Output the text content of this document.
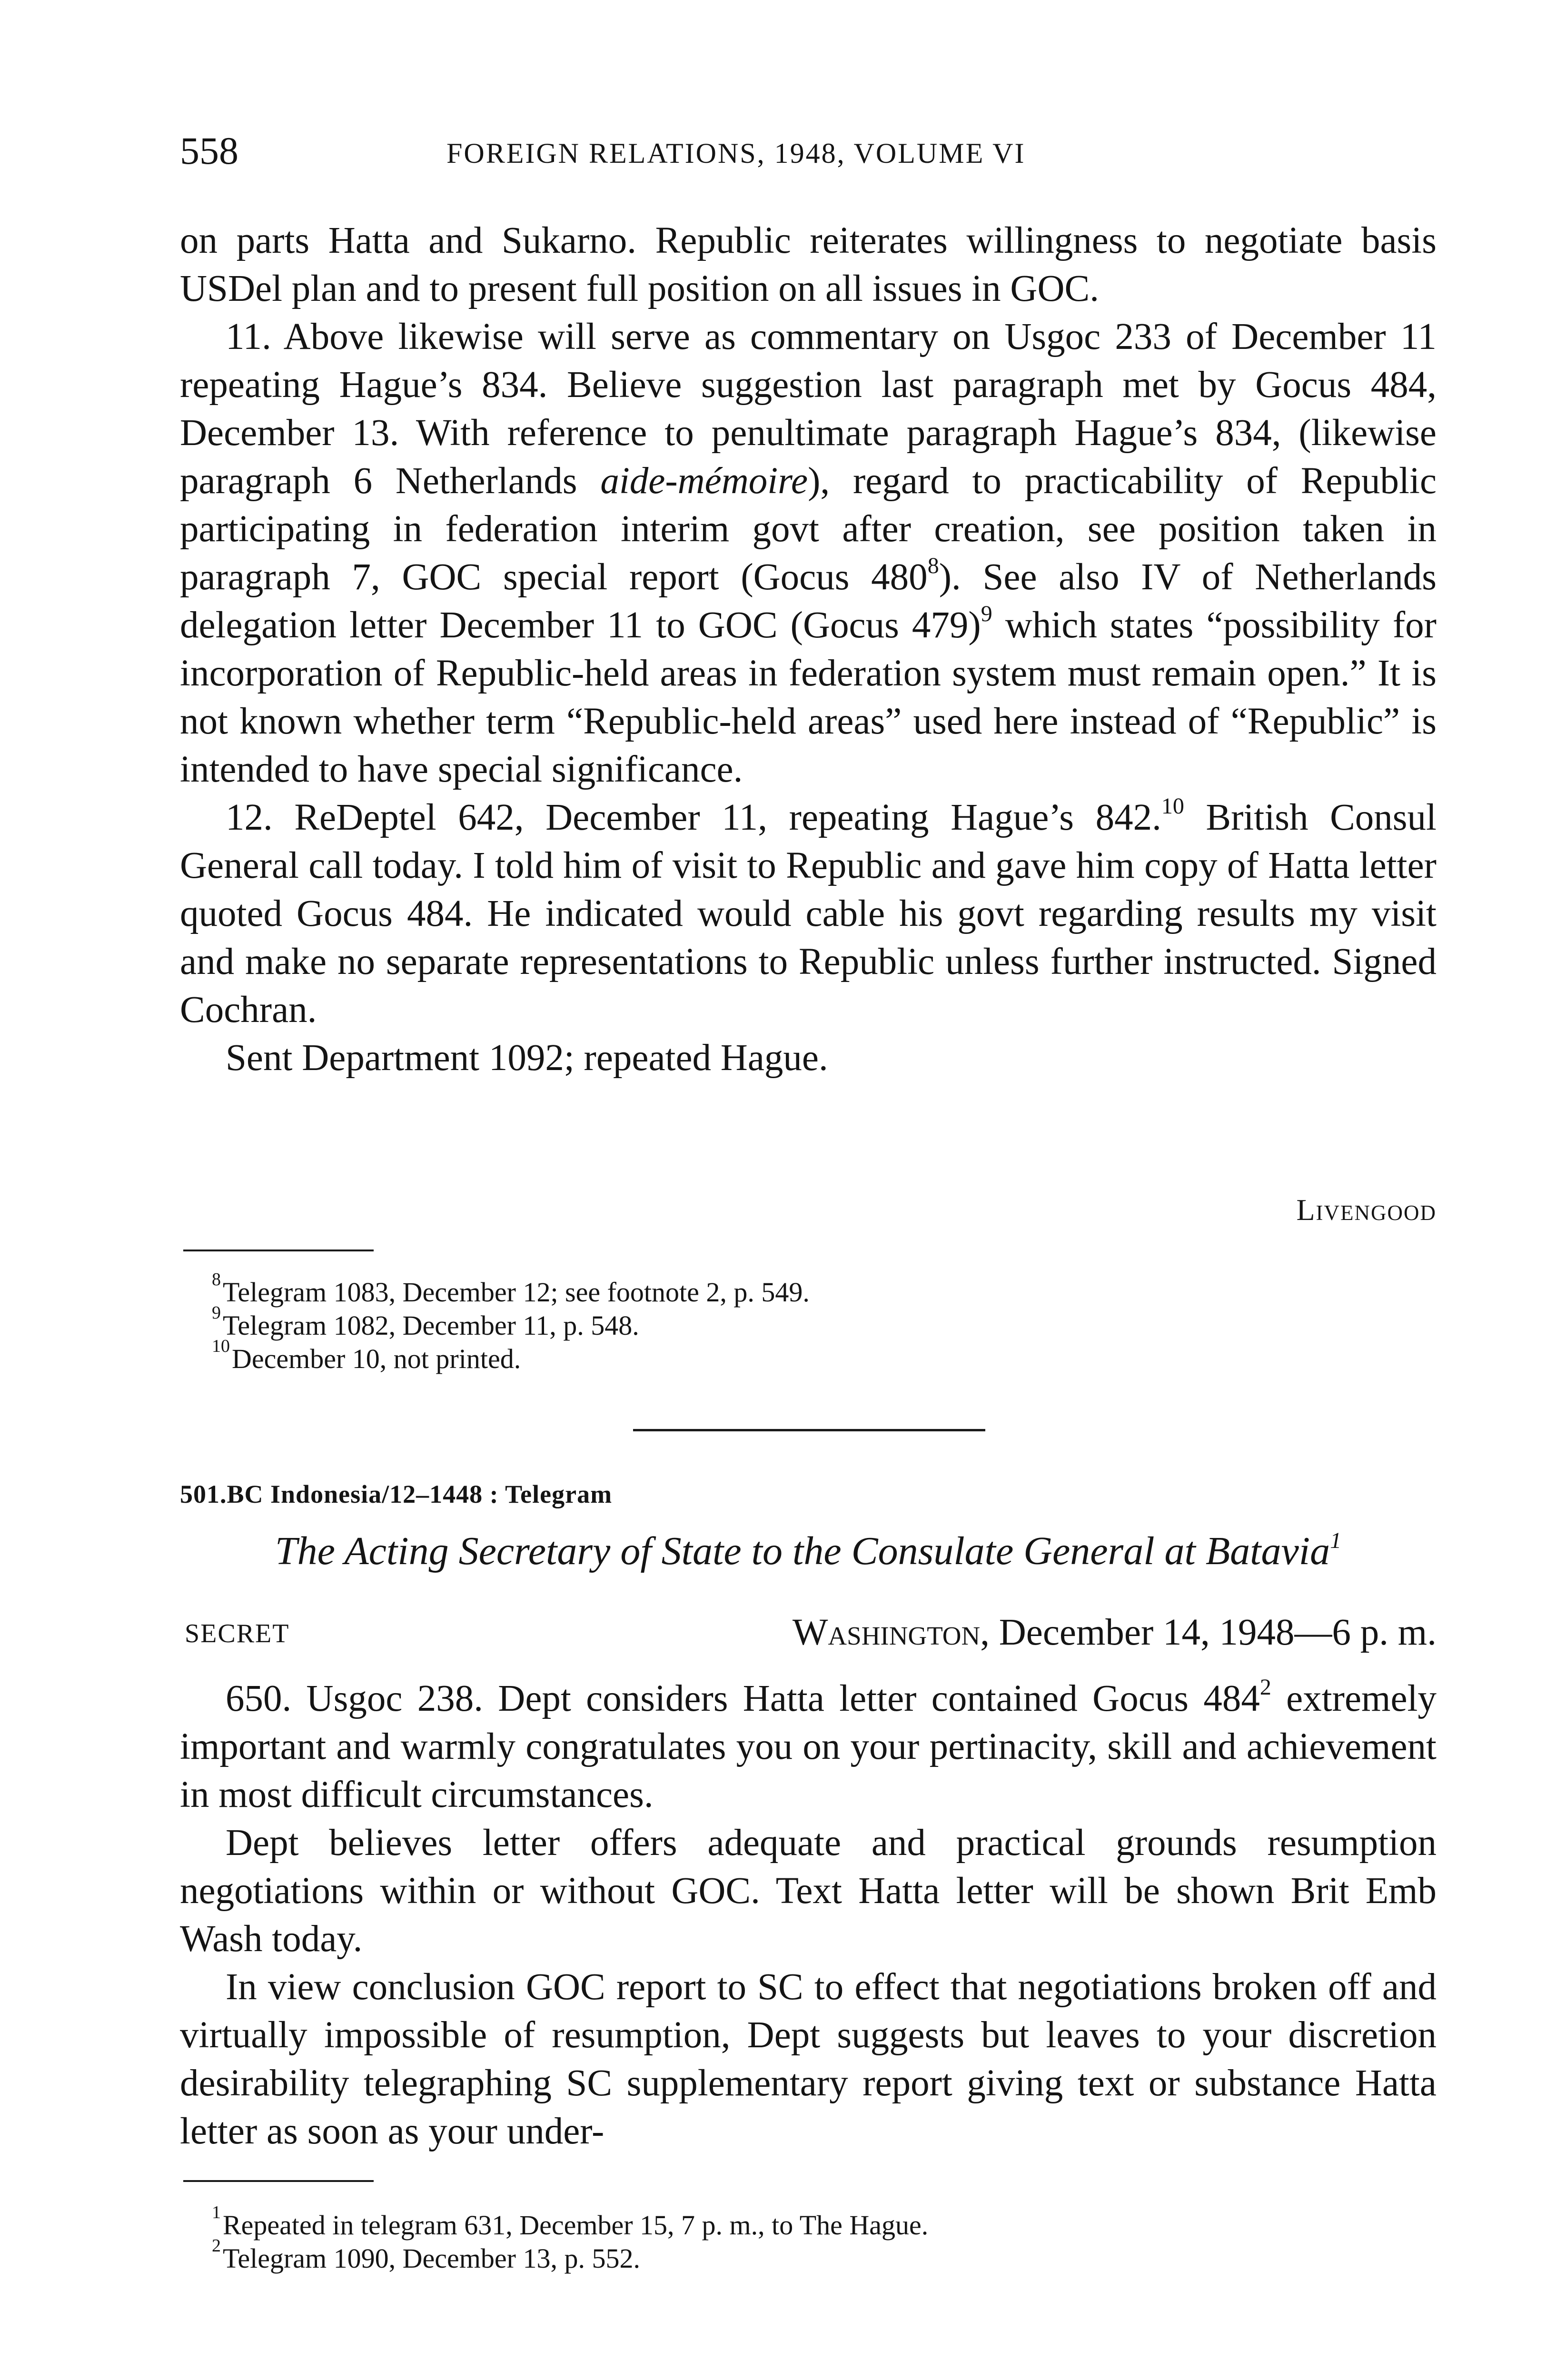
558	FOREIGN RELATIONS, 1948, VOLUME VI

on parts Hatta and Sukarno. Republic reiterates willingness to negotiate basis USDel plan and to present full position on all issues in GOC.

11. Above likewise will serve as commentary on Usgoc 233 of December 11 repeating Hague’s 834. Believe suggestion last paragraph met by Gocus 484, December 13. With reference to penultimate paragraph Hague’s 834, (likewise paragraph 6 Netherlands aide-mémoire), regard to practicability of Republic participating in federation interim govt after creation, see position taken in paragraph 7, GOC special report (Gocus $480^8$). See also IV of Netherlands delegation letter December 11 to GOC (Gocus 479)$^9$ which states “possibility for incorporation of Republic-held areas in federation system must remain open.” It is not known whether term “Republic-held areas” used here instead of “Republic” is intended to have special significance.

12. ReDeptel 642, December 11, repeating Hague’s 842.10 British Consul General call today. I told him of visit to Republic and gave him copy of Hatta letter quoted Gocus 484. He indicated would cable his govt regarding results my visit and make no separate representations to Republic unless further instructed. Signed Cochran.

Sent Department 1092; repeated Hague.

Livengood
$^8$Telegram 1083, December 12; see footnote 2, p. 549.
$^9$Telegram 1082, December 11, p. 548.
$^{10}$December 10, not printed.
501.BC Indonesia/12–1448 : Telegram
The Acting Secretary of State to the Consulate General at Batavia$^1$
SECRET	Washington, December 14, 1948—6 p. m.

650. Usgoc 238. Dept considers Hatta letter contained Gocus $484^2$ extremely important and warmly congratulates you on your pertinacity, skill and achievement in most difficult circumstances.

Dept believes letter offers adequate and practical grounds resumption negotiations within or without GOC. Text Hatta letter will be shown Brit Emb Wash today.

In view conclusion GOC report to SC to effect that negotiations broken off and virtually impossible of resumption, Dept suggests but leaves to your discretion desirability telegraphing SC supplementary report giving text or substance Hatta letter as soon as your under-

$^1$Repeated in telegram 631, December 15, 7 p. m., to The Hague.
$^2$Telegram 1090, December 13, p. 552.
